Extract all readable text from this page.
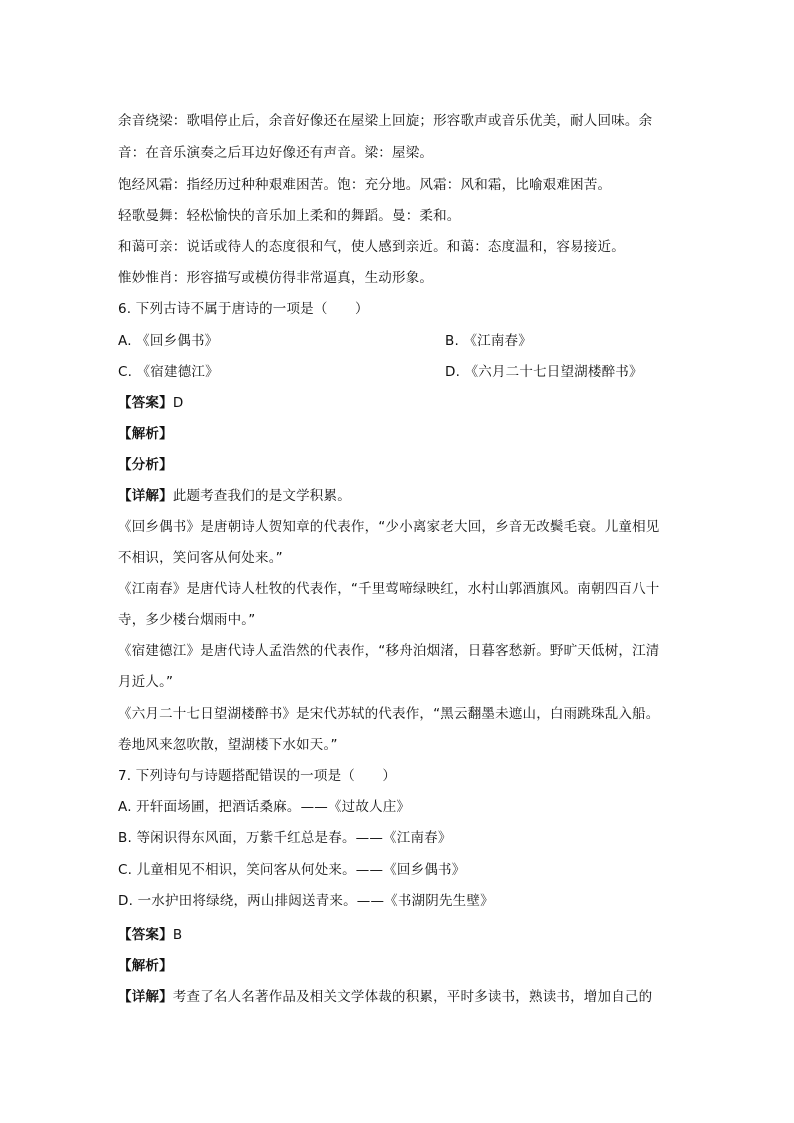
余音绕梁：歌唱停止后，余音好像还在屋梁上回旋；形容歌声或音乐优美，耐人回味。余
音：在音乐演奏之后耳边好像还有声音。梁：屋梁。
饱经风霜：指经历过种种艰难困苦。饱：充分地。风霜：风和霜，比喻艰难困苦。
轻歌曼舞：轻松愉快的音乐加上柔和的舞蹈。曼：柔和。
和蔼可亲：说话或待人的态度很和气，使人感到亲近。和蔼：态度温和，容易接近。
惟妙惟肖：形容描写或模仿得非常逼真，生动形象。
6. 下列古诗不属于唐诗的一项是（　　）
A. 《回乡偶书》	B. 《江南春》
C. 《宿建德江》	D. 《六月二十七日望湖楼醉书》
【答案】D
【解析】
【分析】
【详解】此题考查我们的是文学积累。
《回乡偶书》是唐朝诗人贺知章的代表作，“少小离家老大回，乡音无改鬓毛衰。儿童相见
不相识，笑问客从何处来。”
《江南春》是唐代诗人杜牧的代表作，“千里莺啼绿映红，水村山郭酒旗风。南朝四百八十
寺，多少楼台烟雨中。”
《宿建德江》是唐代诗人孟浩然的代表作，“移舟泊烟渚，日暮客愁新。野旷天低树，江清
月近人。”
《六月二十七日望湖楼醉书》是宋代苏轼的代表作，“黑云翻墨未遮山，白雨跳珠乱入船。
卷地风来忽吹散，望湖楼下水如天。”
7. 下列诗句与诗题搭配错误的一项是（　　）
A. 开轩面场圃，把酒话桑麻。——《过故人庄》
B. 等闲识得东风面，万紫千红总是春。——《江南春》
C. 儿童相见不相识，笑问客从何处来。——《回乡偶书》
D. 一水护田将绿绕，两山排闼送青来。——《书湖阴先生壁》
【答案】B
【解析】
【详解】考查了名人名著作品及相关文学体裁的积累，平时多读书，熟读书，增加自己的
